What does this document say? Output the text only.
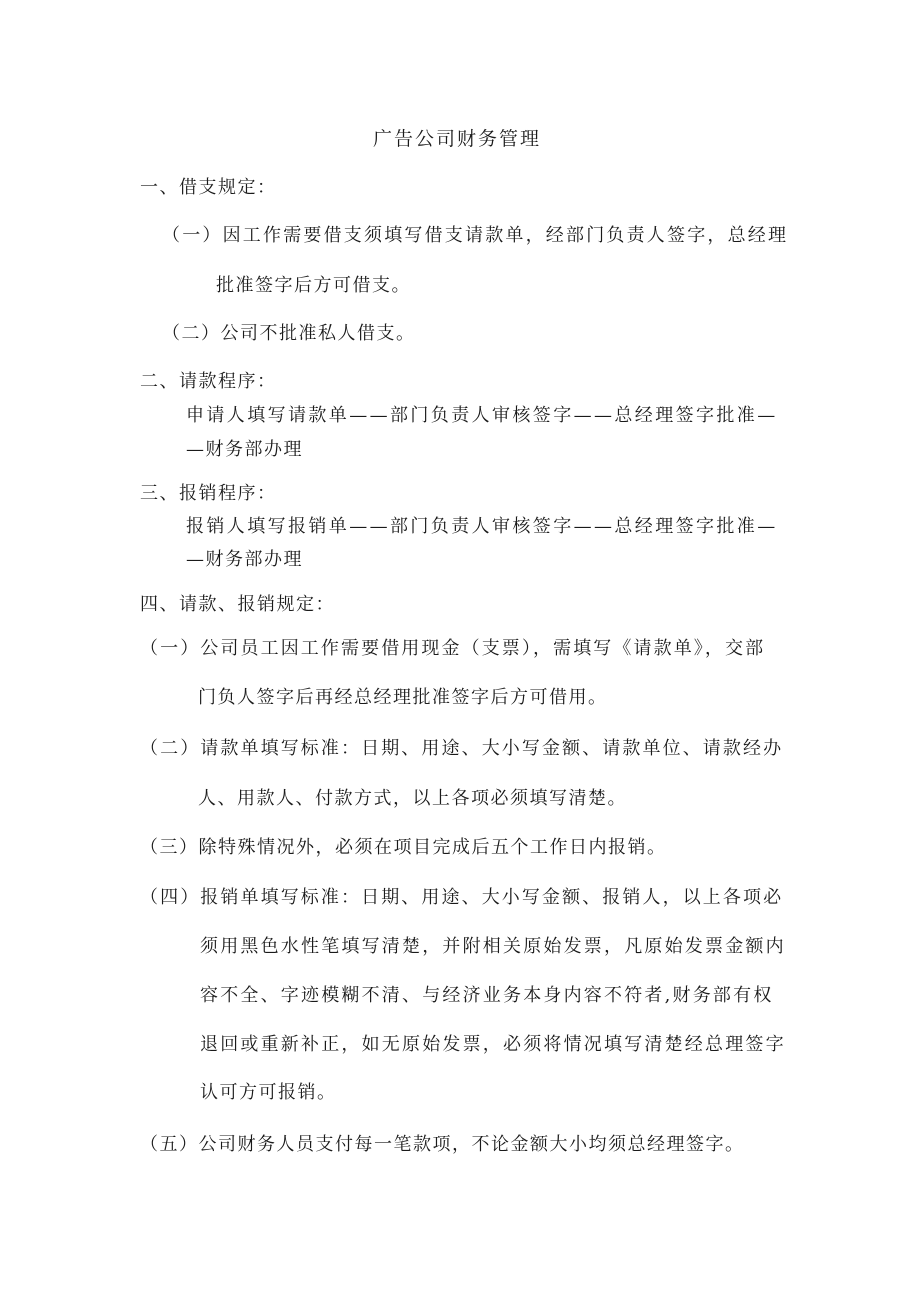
广告公司财务管理
一、借支规定：
（一）因工作需要借支须填写借支请款单，经部门负责人签字，总经理
批准签字后方可借支。
（二）公司不批准私人借支。
二、请款程序：
申请人填写请款单——部门负责人审核签字——总经理签字批准—
—财务部办理
三、报销程序：
报销人填写报销单——部门负责人审核签字——总经理签字批准—
—财务部办理
四、请款、报销规定：
（一）公司员工因工作需要借用现金（支票），需填写《请款单》，交部
门负人签字后再经总经理批准签字后方可借用。
（二）请款单填写标准：日期、用途、大小写金额、请款单位、请款经办
人、用款人、付款方式，以上各项必须填写清楚。
（三）除特殊情况外，必须在项目完成后五个工作日内报销。
（四）报销单填写标准：日期、用途、大小写金额、报销人，以上各项必
须用黑色水性笔填写清楚，并附相关原始发票，凡原始发票金额内
容不全、字迹模糊不清、与经济业务本身内容不符者,财务部有权
退回或重新补正，如无原始发票，必须将情况填写清楚经总理签字
认可方可报销。
（五）公司财务人员支付每一笔款项，不论金额大小均须总经理签字。
